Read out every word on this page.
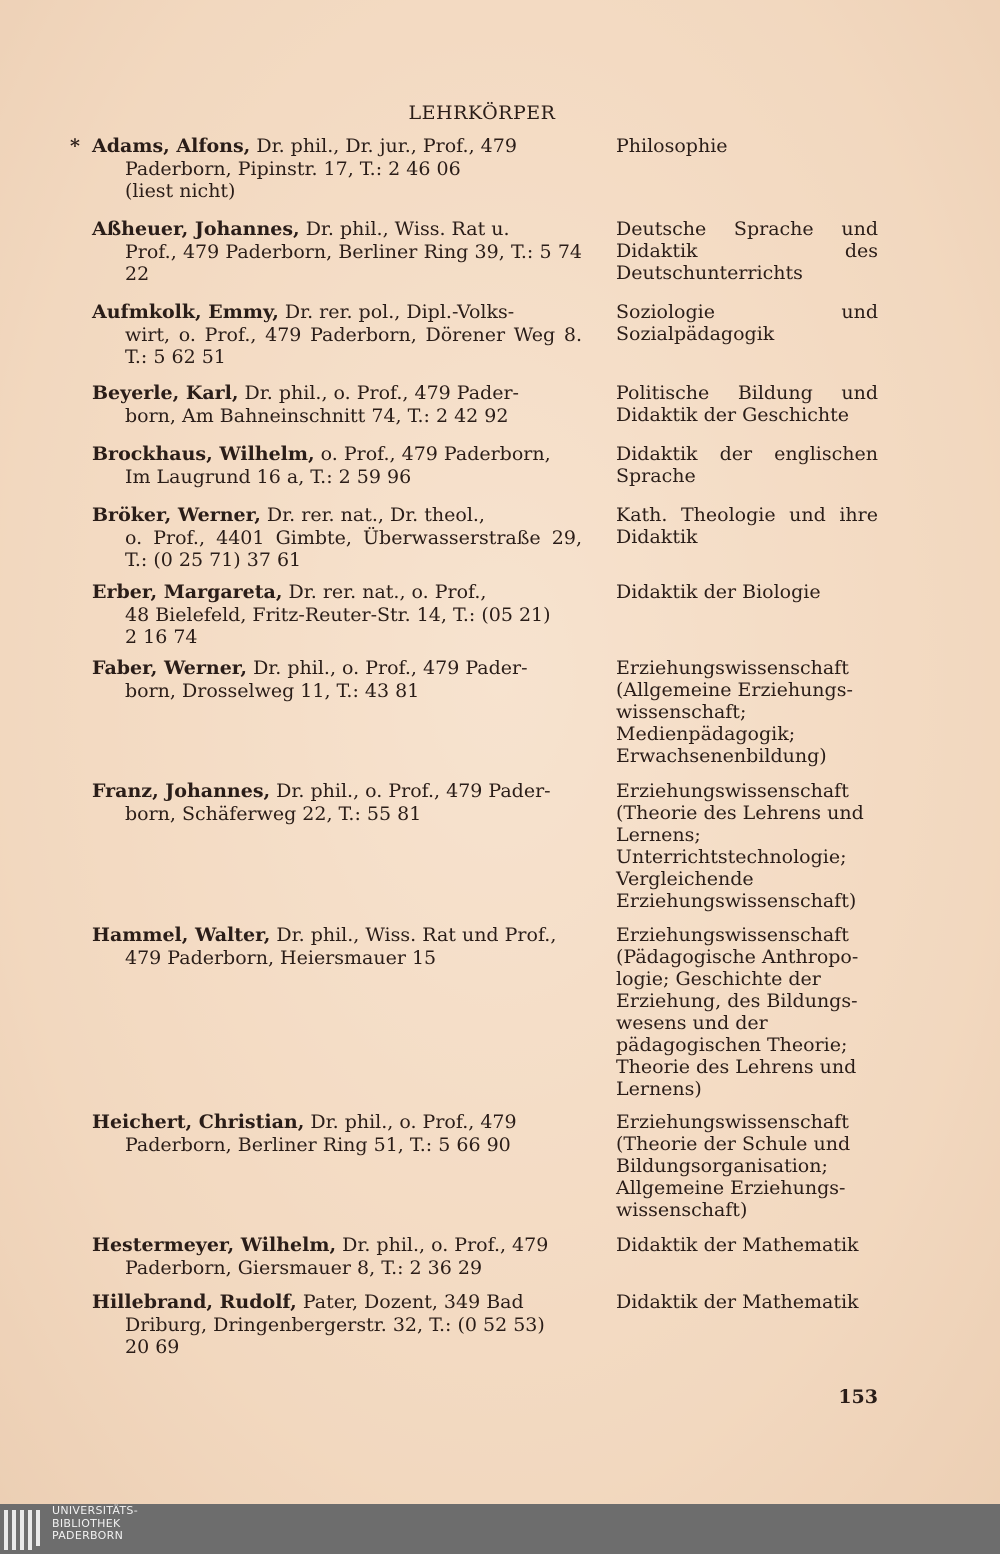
LEHRKÖRPER
* Adams, Alfons, Dr. phil., Dr. jur., Prof., 479
Paderborn, Pipinstr. 17, T.: 2 46 06
(liest nicht)
Philosophie
Aßheuer, Johannes, Dr. phil., Wiss. Rat u.
Prof., 479 Paderborn, Berliner Ring 39, T.: 5 74 22
Deutsche Sprache und Didaktik des Deutschunterrichts
Aufmkolk, Emmy, Dr. rer. pol., Dipl.-Volks-
wirt, o. Prof., 479 Paderborn, Dörener Weg 8. T.: 5 62 51
Soziologie und Sozialpädagogik
Beyerle, Karl, Dr. phil., o. Prof., 479 Pader-
born, Am Bahneinschnitt 74, T.: 2 42 92
Politische Bildung und Didaktik der Geschichte
Brockhaus, Wilhelm, o. Prof., 479 Paderborn,
Im Laugrund 16 a, T.: 2 59 96
Didaktik der englischen Sprache
Bröker, Werner, Dr. rer. nat., Dr. theol.,
o. Prof., 4401 Gimbte, Überwasserstraße 29, T.: (0 25 71) 37 61
Kath. Theologie und ihre Didaktik
Erber, Margareta, Dr. rer. nat., o. Prof.,
48 Bielefeld, Fritz-Reuter-Str. 14, T.: (05 21)
2 16 74
Didaktik der Biologie
Faber, Werner, Dr. phil., o. Prof., 479 Pader-
born, Drosselweg 11, T.: 43 81
Erziehungswissenschaft
(Allgemeine Erziehungs-
wissenschaft;
Medienpädagogik;
Erwachsenenbildung)
Franz, Johannes, Dr. phil., o. Prof., 479 Pader-
born, Schäferweg 22, T.: 55 81
Erziehungswissenschaft
(Theorie des Lehrens und
Lernens;
Unterrichtstechnologie;
Vergleichende
Erziehungswissenschaft)
Hammel, Walter, Dr. phil., Wiss. Rat und Prof.,
479 Paderborn, Heiersmauer 15
Erziehungswissenschaft
(Pädagogische Anthropo-
logie; Geschichte der
Erziehung, des Bildungs-
wesens und der
pädagogischen Theorie;
Theorie des Lehrens und
Lernens)
Heichert, Christian, Dr. phil., o. Prof., 479
Paderborn, Berliner Ring 51, T.: 5 66 90
Erziehungswissenschaft
(Theorie der Schule und
Bildungsorganisation;
Allgemeine Erziehungs-
wissenschaft)
Hestermeyer, Wilhelm, Dr. phil., o. Prof., 479
Paderborn, Giersmauer 8, T.: 2 36 29
Didaktik der Mathematik
Hillebrand, Rudolf, Pater, Dozent, 349 Bad
Driburg, Dringenbergerstr. 32, T.: (0 52 53)
20 69
Didaktik der Mathematik
153
UNIVERSITÄTS-
BIBLIOTHEK
PADERBORN
